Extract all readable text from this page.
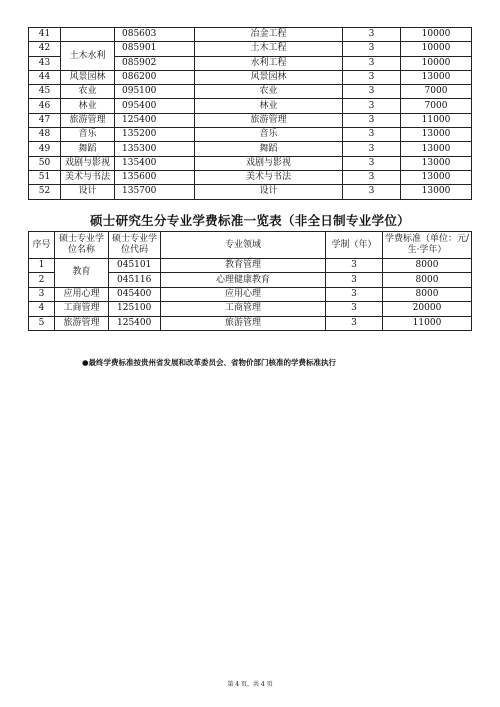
41		085603	冶金工程	3	10000
42	土木水利	085901	土木工程	3	10000
43		085902	水利工程	3	10000
44	风景园林	086200	风景园林	3	13000
45	农业	095100	农业	3	7000
46	林业	095400	林业	3	7000
47	旅游管理	125400	旅游管理	3	11000
48	音乐	135200	音乐	3	13000
49	舞蹈	135300	舞蹈	3	13000
50	戏剧与影视	135400	戏剧与影视	3	13000
51	美术与书法	135600	美术与书法	3	13000
52	设计	135700	设计	3	13000
硕士研究生分专业学费标准一览表（非全日制专业学位）
序号	硕士专业学位名称	硕士专业学位代码	专业领域	学制（年）	学费标准（单位：元/生·学年）
1	教育	045101	教育管理	3	8000
2		045116	心理健康教育	3	8000
3	应用心理	045400	应用心理	3	8000
4	工商管理	125100	工商管理	3	20000
5	旅游管理	125400	旅游管理	3	11000
●最终学费标准按贵州省发展和改革委员会、省物价部门核准的学费标准执行
第 4 页，共 4 页
